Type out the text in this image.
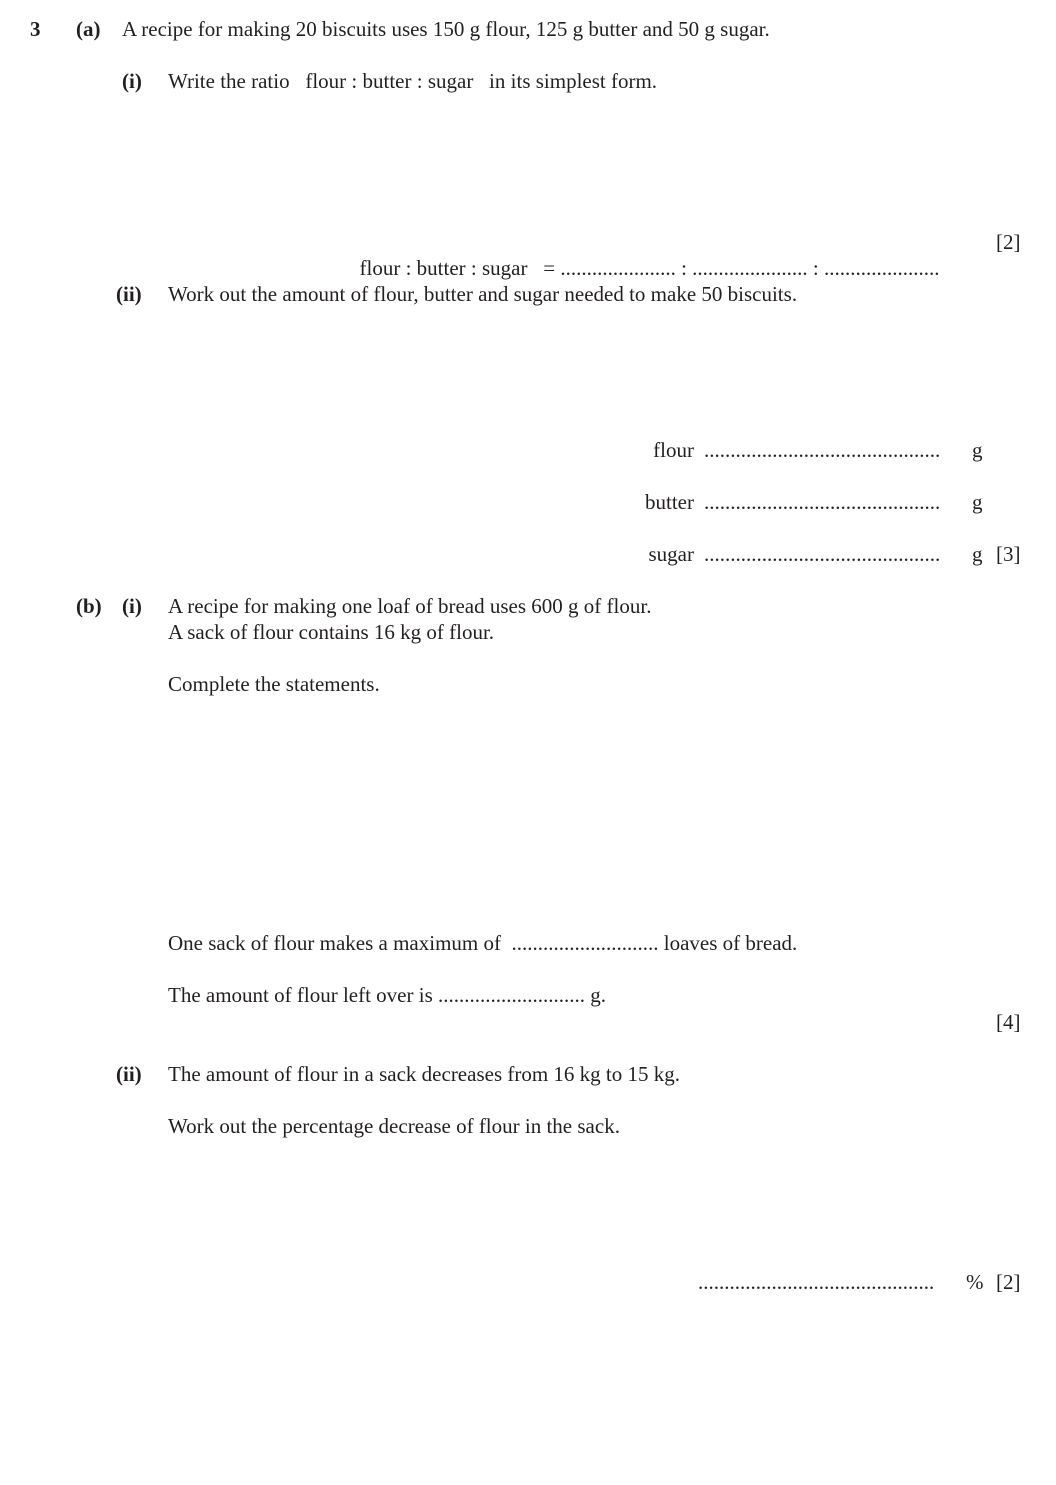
3 (a) A recipe for making 20 biscuits uses 150 g flour, 125 g butter and 50 g sugar.
(i) Write the ratio   flour : butter : sugar   in its simplest form.

flour : butter : sugar   = ...................... : ...................... : ......................

[2]
(ii) Work out the amount of flour, butter and sugar needed to make 50 biscuits.
flour ............................................. g
butter ............................................. g
sugar ............................................. g [3]
(b) (i) A recipe for making one loaf of bread uses 600 g of flour.
A sack of flour contains 16 kg of flour.
Complete the statements.
One sack of flour makes a maximum of  ............................ loaves of bread.
The amount of flour left over is ............................ g.
[4]
(ii) The amount of flour in a sack decreases from 16 kg to 15 kg.
Work out the percentage decrease of flour in the sack.
............................................. % [2]
